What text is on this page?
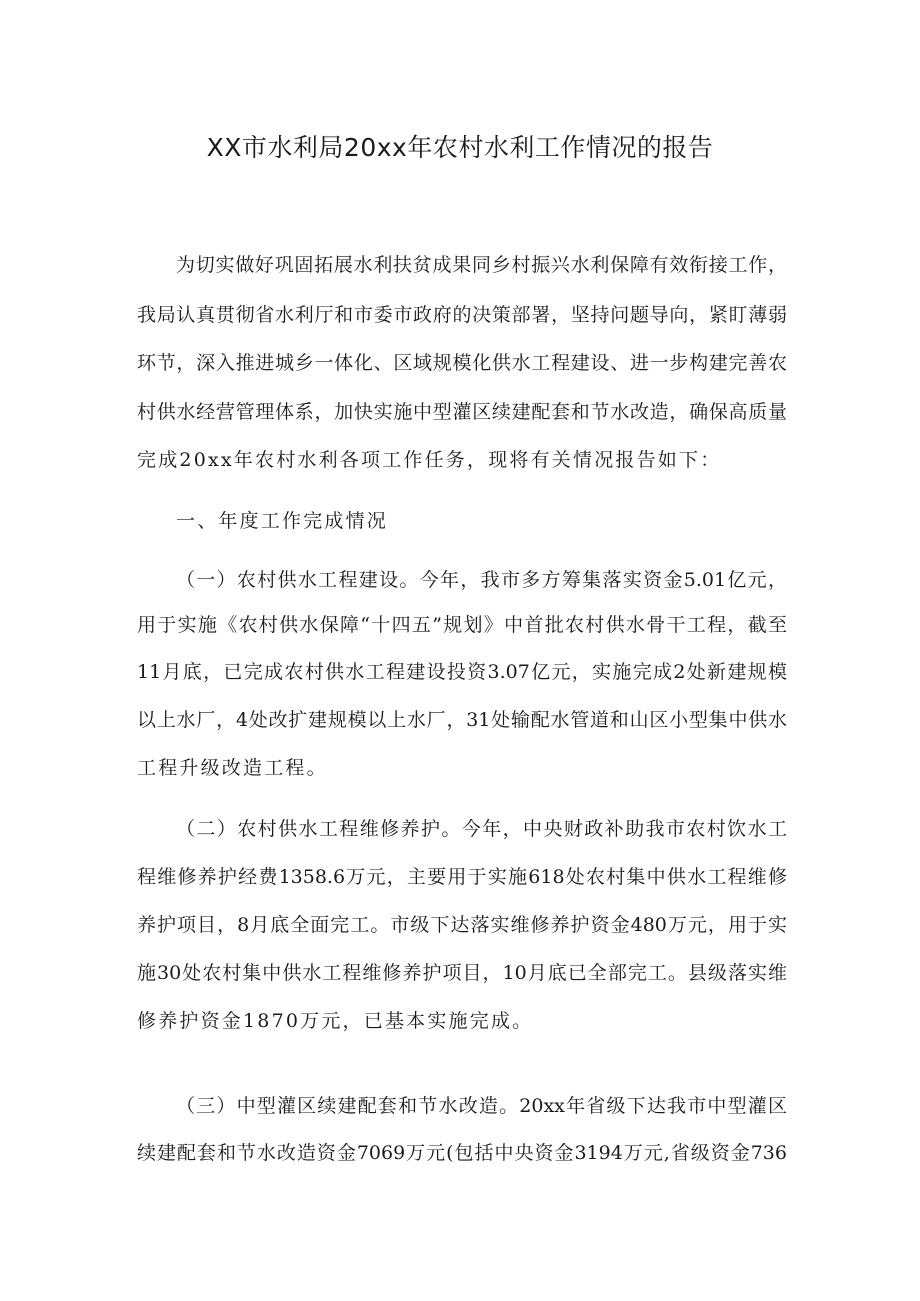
XX市水利局20xx年农村水利工作情况的报告
为切实做好巩固拓展水利扶贫成果同乡村振兴水利保障有效衔接工作，
我局认真贯彻省水利厅和市委市政府的决策部署，坚持问题导向，紧盯薄弱
环节，深入推进城乡一体化、区域规模化供水工程建设、进一步构建完善农
村供水经营管理体系，加快实施中型灌区续建配套和节水改造，确保高质量
完成20xx年农村水利各项工作任务，现将有关情况报告如下：
一、年度工作完成情况
（一）农村供水工程建设。今年，我市多方筹集落实资金5.01亿元，
用于实施《农村供水保障“十四五”规划》中首批农村供水骨干工程，截至
11月底，已完成农村供水工程建设投资3.07亿元，实施完成2处新建规模
以上水厂，4处改扩建规模以上水厂，31处输配水管道和山区小型集中供水
工程升级改造工程。
（二）农村供水工程维修养护。今年，中央财政补助我市农村饮水工
程维修养护经费1358.6万元，主要用于实施618处农村集中供水工程维修
养护项目，8月底全面完工。市级下达落实维修养护资金480万元，用于实
施30处农村集中供水工程维修养护项目，10月底已全部完工。县级落实维
修养护资金1870万元，已基本实施完成。
（三）中型灌区续建配套和节水改造。20xx年省级下达我市中型灌区
续建配套和节水改造资金7069万元(包括中央资金3194万元,省级资金736
